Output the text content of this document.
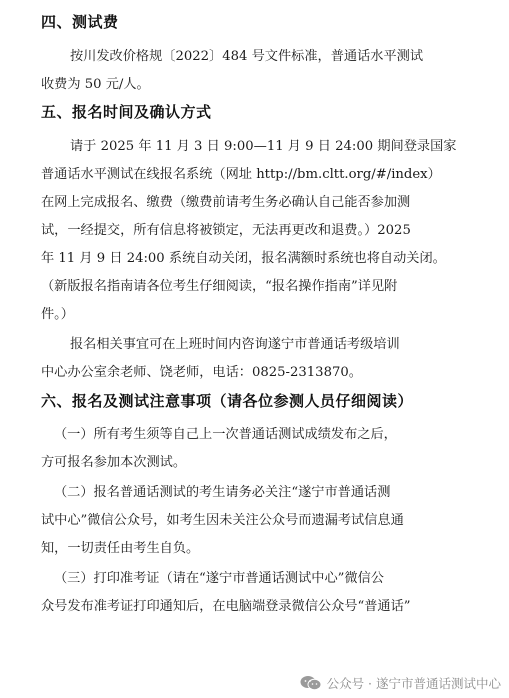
四、测试费
按川发改价格规〔2022〕484 号文件标准，普通话水平测试
收费为 50 元/人。
五、报名时间及确认方式
请于 2025 年 11 月 3 日 9:00—11 月 9 日 24:00 期间登录国家
普通话水平测试在线报名系统（网址 http://bm.cltt.org/#/index）
在网上完成报名、缴费（缴费前请考生务必确认自己能否参加测
试，一经提交，所有信息将被锁定，无法再更改和退费。）2025
年 11 月 9 日 24:00 系统自动关闭，报名满额时系统也将自动关闭。
（新版报名指南请各位考生仔细阅读，“报名操作指南”详见附
件。）
报名相关事宜可在上班时间内咨询遂宁市普通话考级培训
中心办公室余老师、饶老师，电话：0825-2313870。
六、报名及测试注意事项（请各位参测人员仔细阅读）
（一）所有考生须等自己上一次普通话测试成绩发布之后，
方可报名参加本次测试。
（二）报名普通话测试的考生请务必关注“遂宁市普通话测
试中心”微信公众号，如考生因未关注公众号而遗漏考试信息通
知，一切责任由考生自负。
（三）打印准考证（请在“遂宁市普通话测试中心”微信公
众号发布准考证打印通知后，在电脑端登录微信公众号“普通话”
公众号 · 遂宁市普通话测试中心
